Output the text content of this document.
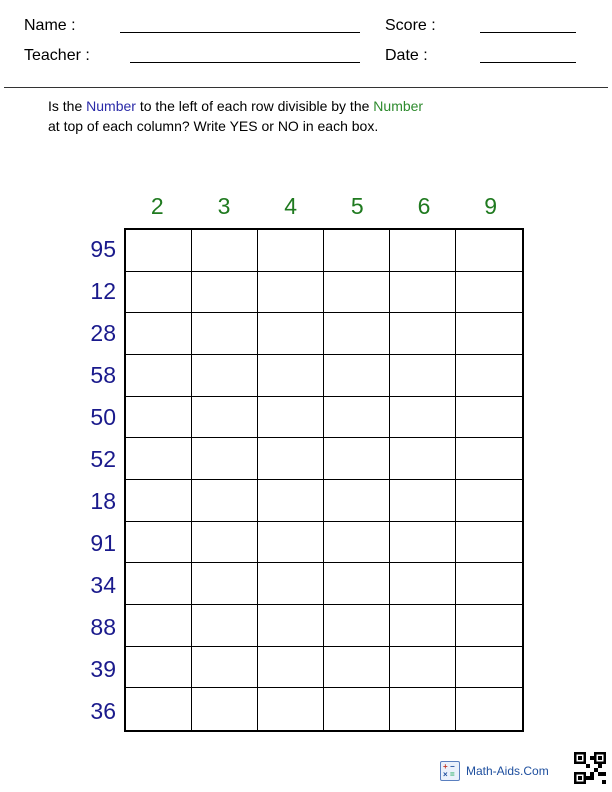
Name :
Teacher :
Score :
Date :
Is the Number to the left of each row divisible by the Number
at top of each column? Write YES or NO in each box.
2	3	4	5	6	9
95
12
28
58
50
52
18
91
34
88
39
36
+ −
× = Math-Aids.Com
